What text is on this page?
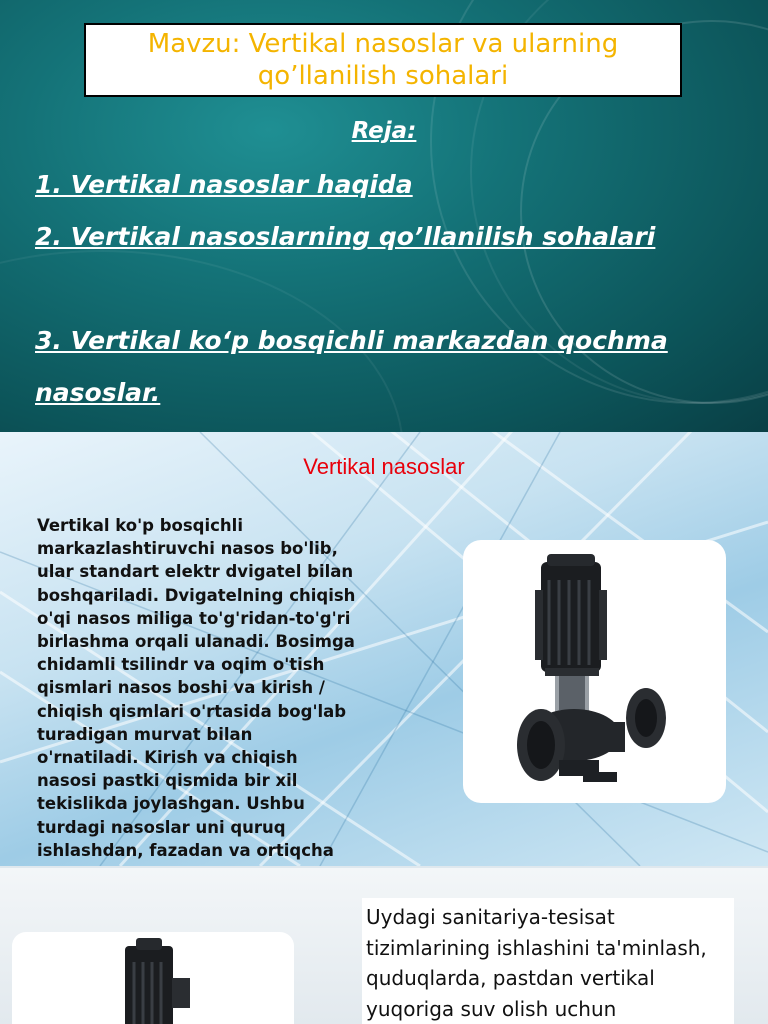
Mavzu: Vertikal nasoslar va ularning qo’llanilish sohalari
Reja:
1. Vertikal nasoslar haqida
2. Vertikal nasoslarning qo’llanilish sohalari
3. Vertikal ko‘p bosqichli markazdan qochma nasoslar.
Vertikal nasoslar
Vertikal ko'p bosqichli
markazlashtiruvchi nasos bo'lib,
ular standart elektr dvigatel bilan
boshqariladi. Dvigatelning chiqish
o'qi nasos miliga to'g'ridan-to'g'ri
birlashma orqali ulanadi. Bosimga
chidamli tsilindr va oqim o'tish
qismlari nasos boshi va kirish /
chiqish qismlari o'rtasida bog'lab
turadigan murvat bilan
o'rnatiladi. Kirish va chiqish
nasosi pastki qismida bir xil
tekislikda joylashgan. Ushbu
turdagi nasoslar uni quruq
ishlashdan, fazadan va ortiqcha
Uydagi sanitariya-tesisat
tizimlarining ishlashini ta'minlash,
quduqlarda, pastdan vertikal
yuqoriga suv olish uchun
